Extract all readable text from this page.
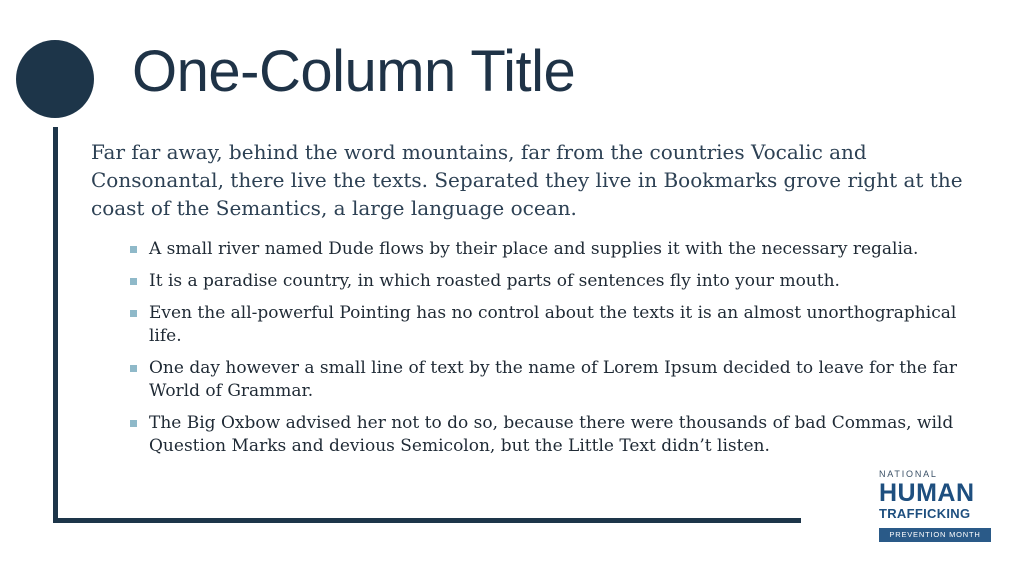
One-Column Title

Far far away, behind the word mountains, far from the countries Vocalic and Consonantal, there live the texts. Separated they live in Bookmarks grove right at the coast of the Semantics, a large language ocean.

A small river named Dude flows by their place and supplies it with the necessary regalia.
It is a paradise country, in which roasted parts of sentences fly into your mouth.
Even the all-powerful Pointing has no control about the texts it is an almost unorthographical life.
One day however a small line of text by the name of Lorem Ipsum decided to leave for the far World of Grammar.
The Big Oxbow advised her not to do so, because there were thousands of bad Commas, wild Question Marks and devious Semicolon, but the Little Text didn’t listen.
NATIONAL
HUMAN
TRAFFICKING
PREVENTION MONTH
